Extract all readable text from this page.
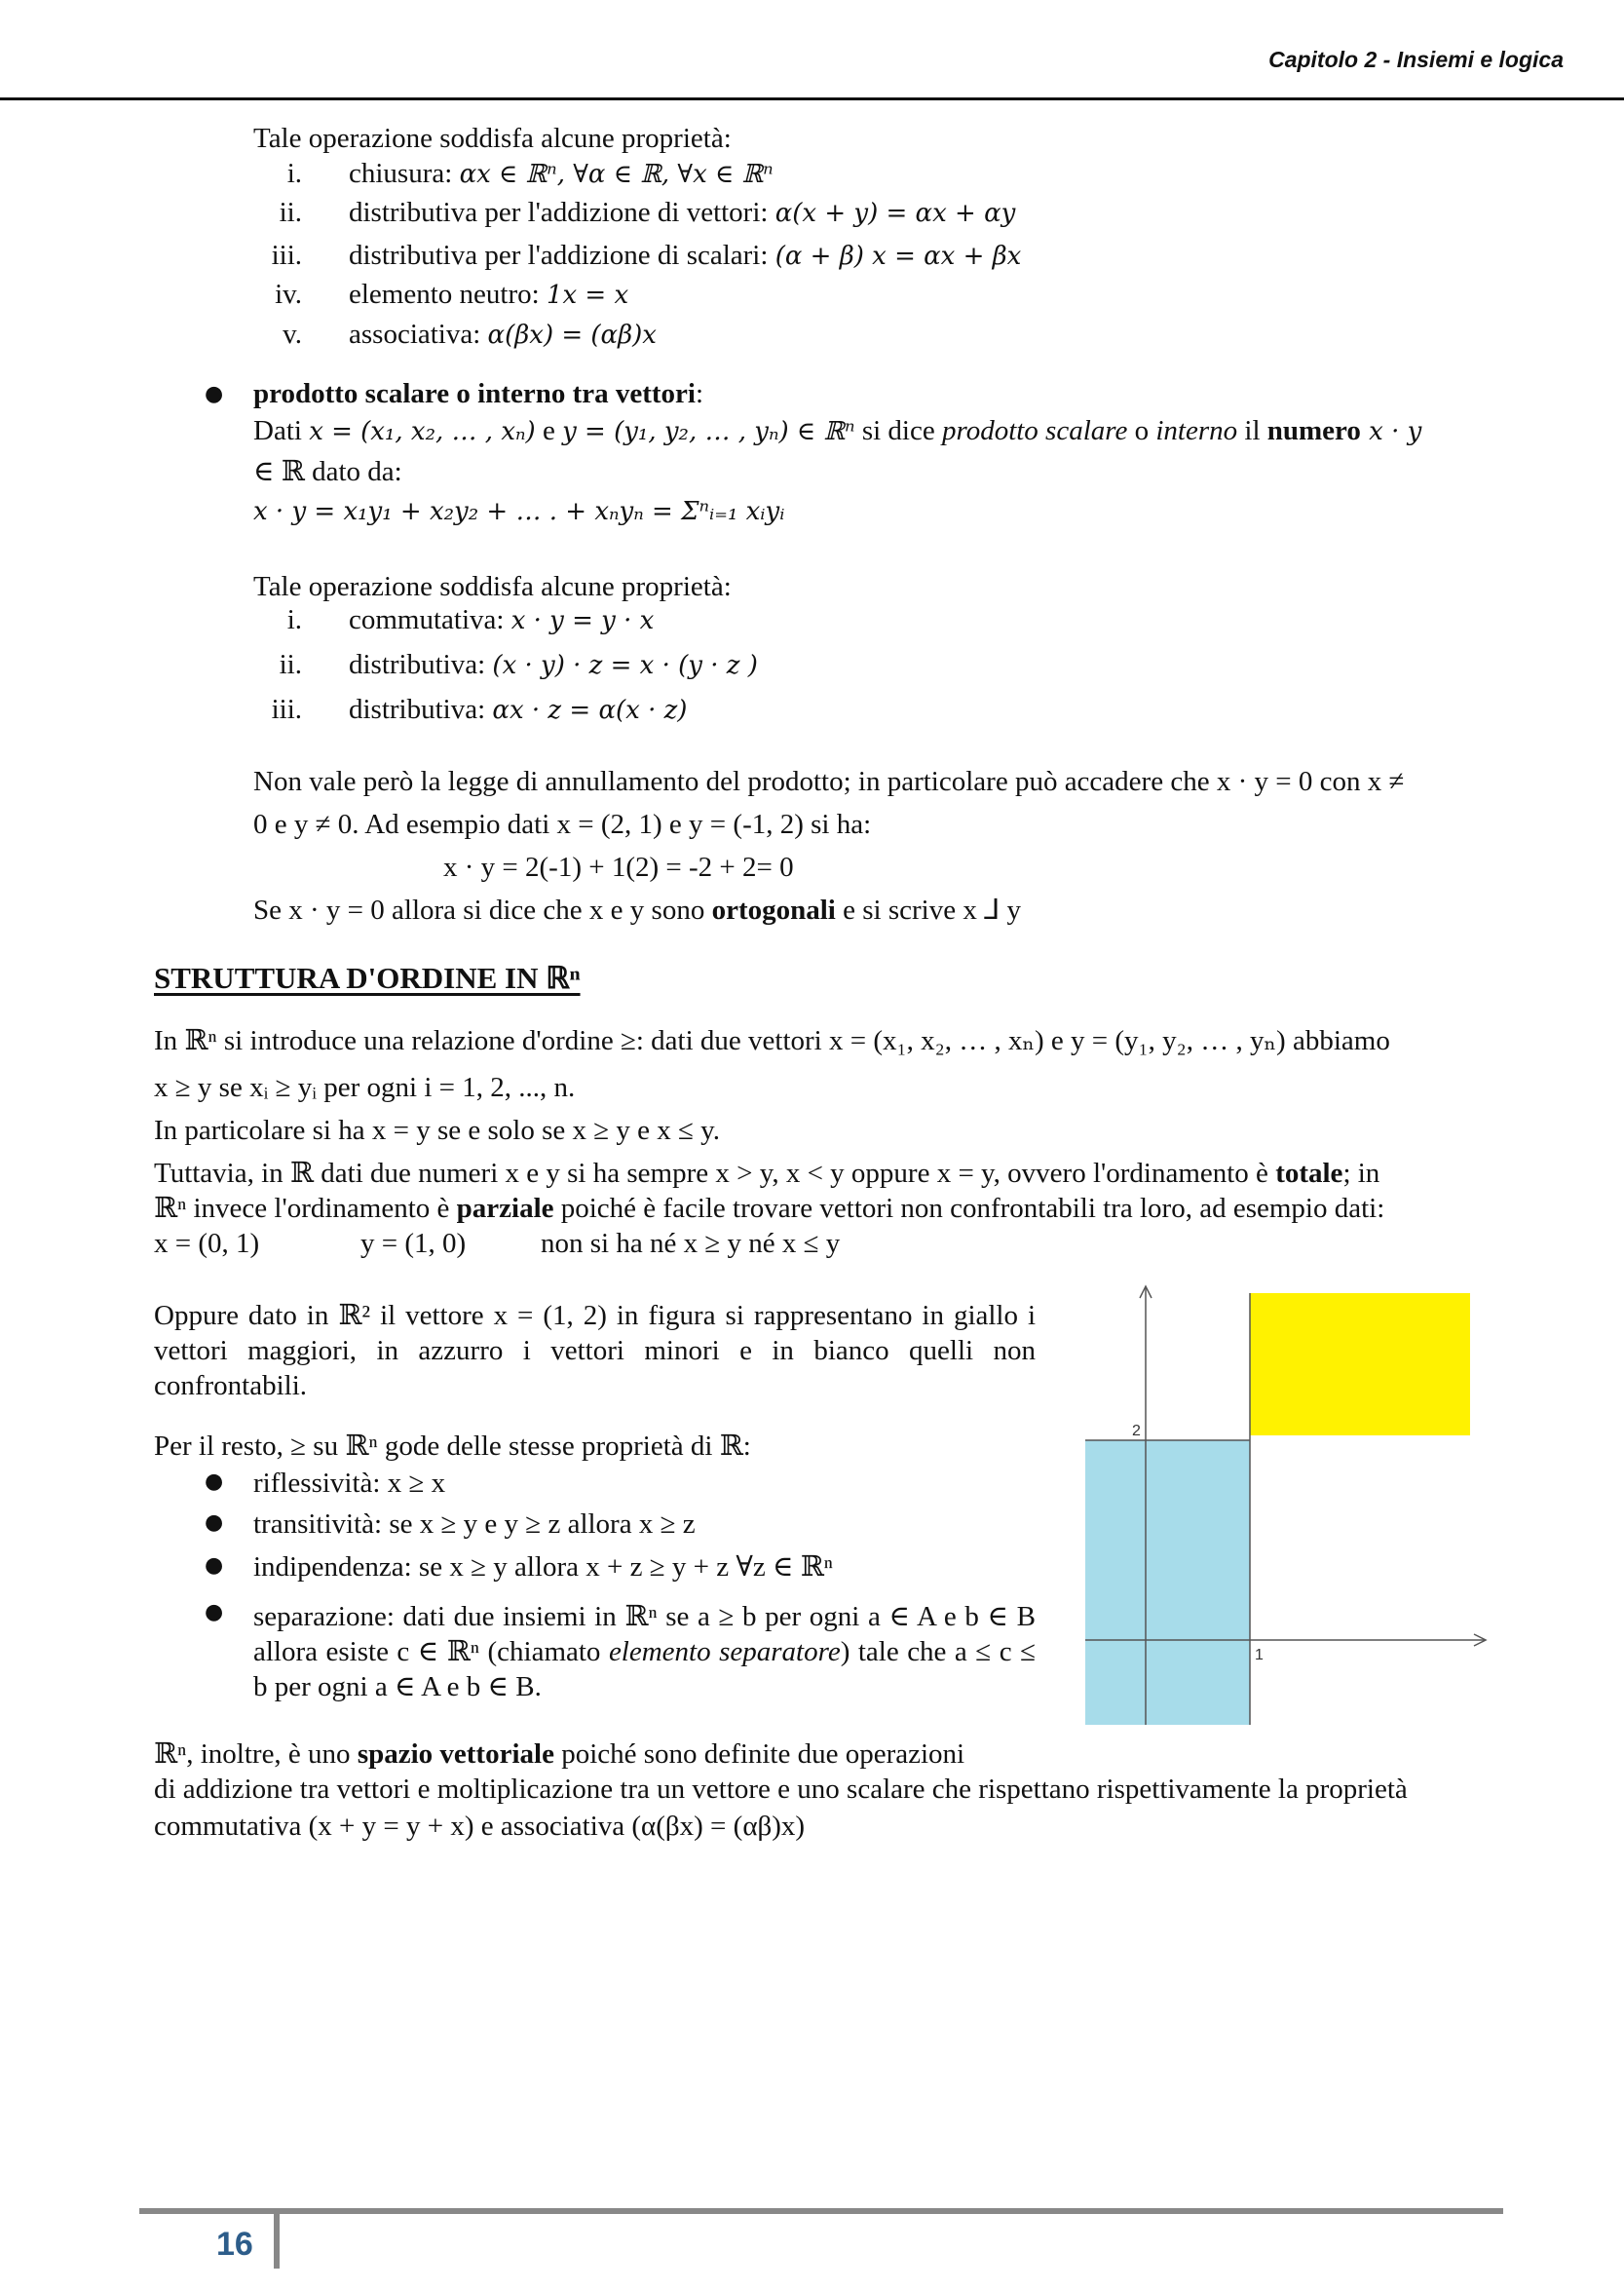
Capitolo 2 - Insiemi e logica
Tale operazione soddisfa alcune proprietà:
i. chiusura: αx ∈ ℝⁿ, ∀α ∈ ℝ, ∀x ∈ ℝⁿ
ii. distributiva per l'addizione di vettori: α(x + y) = αx + αy
iii. distributiva per l'addizione di scalari: (α + β) x = αx + βx
iv. elemento neutro: 1x = x
v. associativa: α(βx) = (αβ)x
● prodotto scalare o interno tra vettori:
Dati x = (x₁, x₂, … , xₙ) e y = (y₁, y₂, … , yₙ) ∈ ℝⁿ si dice prodotto scalare o interno il numero x · y
∈ ℝ dato da:
x · y = x₁y₁ + x₂y₂ + … . + xₙyₙ = Σⁿᵢ₌₁ xᵢyᵢ
Tale operazione soddisfa alcune proprietà:
i. commutativa: x · y = y · x
ii. distributiva: (x · y) · z = x · (y · z )
iii. distributiva: αx · z = α(x · z)
Non vale però la legge di annullamento del prodotto; in particolare può accadere che x · y = 0 con x ≠
0 e y ≠ 0. Ad esempio dati x = (2, 1) e y = (-1, 2) si ha:
x · y = 2(-1) + 1(2) = -2 + 2= 0
Se x · y = 0 allora si dice che x e y sono ortogonali e si scrive x ⅃ y
STRUTTURA D'ORDINE IN ℝⁿ
In ℝⁿ si introduce una relazione d'ordine ≥: dati due vettori x = (x₁, x₂, … , xₙ) e y = (y₁, y₂, … , yₙ) abbiamo
x ≥ y se xᵢ ≥ yᵢ per ogni i = 1, 2, ..., n.
In particolare si ha x = y se e solo se x ≥ y e x ≤ y.
Tuttavia, in ℝ dati due numeri x e y si ha sempre x > y, x < y oppure x = y, ovvero l'ordinamento è totale; in
ℝⁿ invece l'ordinamento è parziale poiché è facile trovare vettori non confrontabili tra loro, ad esempio dati:
x = (0, 1)	y = (1, 0)	non si ha né x ≥ y né x ≤ y
Oppure dato in ℝ² il vettore x = (1, 2) in figura si rappresentano in giallo i vettori maggiori, in azzurro i vettori minori e in bianco quelli non confrontabili.
Per il resto, ≥ su ℝⁿ gode delle stesse proprietà di ℝ:
● riflessività: x ≥ x
● transitività: se x ≥ y e y ≥ z allora x ≥ z
● indipendenza: se x ≥ y allora x + z ≥ y + z ∀z ∈ ℝⁿ
● separazione: dati due insiemi in ℝⁿ se a ≥ b per ogni a ∈ A e b ∈ B allora esiste c ∈ ℝⁿ (chiamato elemento separatore) tale che a ≤ c ≤ b per ogni a ∈ A e b ∈ B.
ℝⁿ, inoltre, è uno spazio vettoriale poiché sono definite due operazioni
di addizione tra vettori e moltiplicazione tra un vettore e uno scalare che rispettano rispettivamente la proprietà
commutativa (x + y = y + x) e associativa (α(βx) = (αβ)x)
2
1
16
